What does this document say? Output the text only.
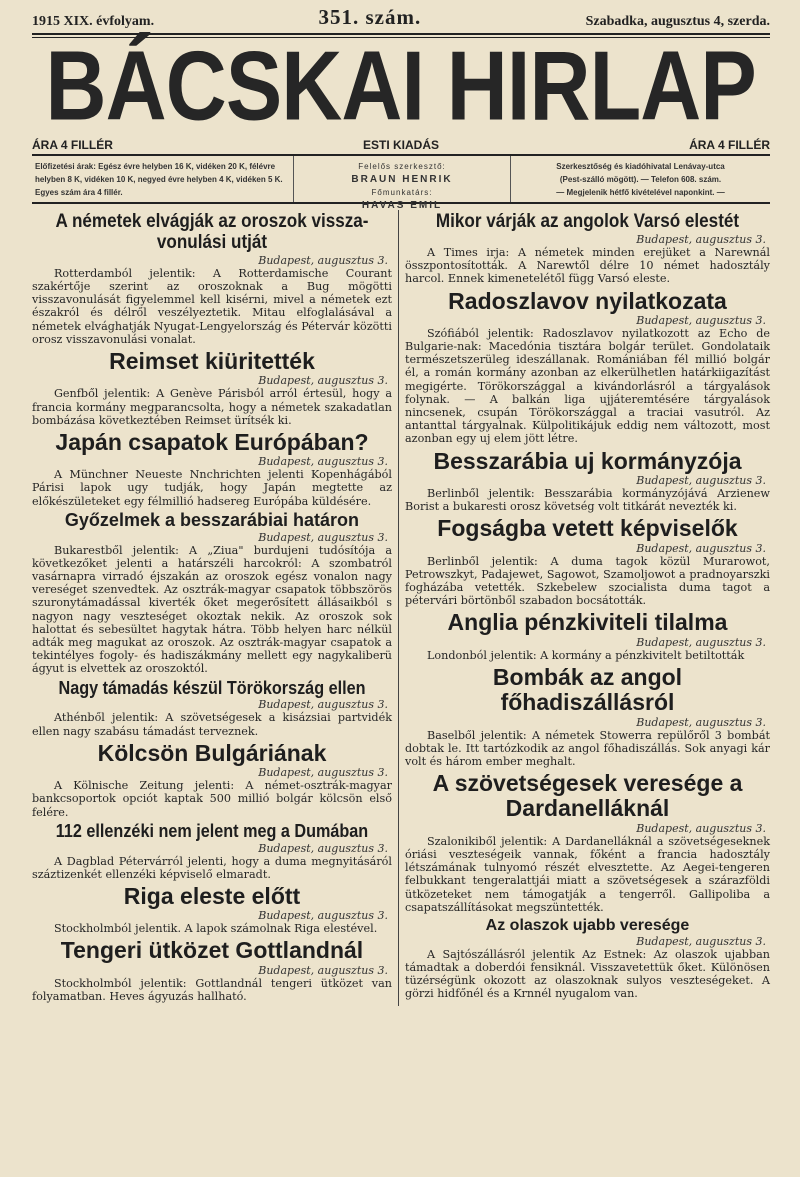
1915 XIX. évfolyam.	351. szám.	Szabadka, augusztus 4, szerda.
BÁCSKAI HIRLAP
ÁRA 4 FILLÉR	ESTI KIADÁS	ÁRA 4 FILLÉR
Előfizetési árak: Egész évre helyben 16 K, vidéken 20 K, félévre helyben 8 K, vidéken 10 K, negyed évre helyben 4 K, vidéken 5 K. Egyes szám ára 4 fillér.
Felelős szerkesztő:
BRAUN HENRIK
Főmunkatárs:
HAVAS EMIL
Szerkesztőség és kiadóhivatal Lenávay-utca
(Pest-szálló mögött). — Telefon 608. szám.
— Megjelenik hétfő kivételével naponkint. —
A németek elvágják az oroszok vissza-vonulási utját
Budapest, augusztus 3.

Rotterdamból jelentik: A Rotterdamische Courant szakértője szerint az oroszoknak a Bug mögötti visszavonulását figyelemmel kell kisérni, mivel a németek ezt északról és délről veszélyeztetik. Mitau elfoglalásával a németek elvághatják Nyugat-Lengyelország és Pétervár közötti orosz visszavonulási vonalat.

Reimset kiüritették
Budapest, augusztus 3.

Genfből jelentik: A Genève Párisból arról értesül, hogy a francia kormány megparancsolta, hogy a németek szakadatlan bombázása következtében Reimset ürítsék ki.

Japán csapatok Európában?
Budapest, augusztus 3.

A Münchner Neueste Nnchrichten jelenti Kopenhágából Párisi lapok ugy tudják, hogy Japán megtette az előkészületeket egy félmillió hadsereg Európába küldésére.

Győzelmek a besszarábiai határon
Budapest, augusztus 3.

Bukarestből jelentik: A „Ziua" burdujeni tudósítója a következőket jelenti a határszéli harcokról: A szombatról vasárnapra virradó éjszakán az oroszok egész vonalon nagy vereséget szenvedtek. Az osztrák-magyar csapatok többszörös szuronytámadással kiverték őket megerősített állásaikból s nagyon nagy veszteséget okoztak nekik. Az oroszok sok halottat és sebesültet hagytak hátra. Több helyen harc nélkül adták meg magukat az oroszok. Az osztrák-magyar csapatok a tekintélyes fogoly- és hadiszákmány mellett egy nagykaliberü ágyut is elvettek az oroszoktól.

Nagy támadás készül Törökország ellen
Budapest, augusztus 3.

Athénből jelentik: A szövetségesek a kisázsiai partvidék ellen nagy szabásu támadást terveznek.

Kölcsön Bulgáriának
Budapest, augusztus 3.

A Kölnische Zeitung jelenti: A német-osztrák-magyar bankcsoportok opciót kaptak 500 millió bolgár kölcsön első felére.

112 ellenzéki nem jelent meg a Dumában
Budapest, augusztus 3.

A Dagblad Pétervárról jelenti, hogy a duma megnyitásáról száztizenkét ellenzéki képviselő elmaradt.

Riga eleste előtt
Budapest, augusztus 3.

Stockholmból jelentik. A lapok számolnak Riga elestével.

Tengeri ütközet Gottlandnál
Budapest, augusztus 3.

Stockholmból jelentik: Gottlandnál tengeri ütközet van folyamatban. Heves ágyuzás hallható.

Mikor várják az angolok Varsó elestét
Budapest, augusztus 3.

A Times irja: A németek minden erejüket a Narewnál összpontosították. A Narewtől délre 10 német hadosztály harcol. Ennek kimenetelétől függ Varsó eleste.

Radoszlavov nyilatkozata
Budapest, augusztus 3.

Szófiából jelentik: Radoszlavov nyilatkozott az Echo de Bulgarie-nak: Macedónia tisztára bolgár terület. Gondolataik természetszerüleg ideszállanak. Romániában fél millió bolgár él, a román kormány azonban az elkerülhetlen határkiigazítást megigérte. Törökországgal a kivándorlásról a tárgyalások folynak. — A balkán liga ujjáteremtésére tárgyalások nincsenek, csupán Törökországgal a traciai vasutról. Az antanttal tárgyalnak. Külpolitikájuk eddig nem változott, most azonban egy uj elem jött létre.

Besszarábia uj kormányzója
Budapest, augusztus 3.

Berlinből jelentik: Besszarábia kormányzójává Arzienew Borist a bukaresti orosz követség volt titkárát nevezték ki.

Fogságba vetett képviselők
Budapest, augusztus 3.

Berlinből jelentik: A duma tagok közül Murarowot, Petrowszkyt, Padajewet, Sagowot, Szamoljowot a pradnoyarszki fogházába vetették. Szkebelew szocialista duma tagot a pétervári börtönből szabadon bocsátották.

Anglia pénzkiviteli tilalma
Budapest, augusztus 3.

Londonból jelentik: A kormány a pénzkivitelt betiltották

Bombák az angol főhadiszállásról
Budapest, augusztus 3.

Baselből jelentik: A németek Stowerra repülőről 3 bombát dobtak le. Itt tartózkodik az angol főhadiszállás. Sok anyagi kár volt és három ember meghalt.

A szövetségesek veresége a Dardanelláknál
Budapest, augusztus 3.

Szalonikiből jelentik: A Dardanelláknál a szövetségeseknek óriási veszteségeik vannak, főként a francia hadosztály létszámának tulnyomó részét elvesztette. Az Aegei-tengeren felbukkant tengeralattjái miatt a szövetségesek a szárazföldi ütközeteket nem támogatják a tengerről. Gallipoliba a csapatszállításokat megszüntették.

Az olaszok ujabb veresége
Budapest, augusztus 3.

A Sajtószállásról jelentik Az Estnek: Az olaszok ujabban támadtak a doberdói fensiknál. Visszavetettük őket. Különösen tüzérségünk okozott az olaszoknak sulyos veszteségeket. A görzi hidfőnél és a Krnnél nyugalom van.
